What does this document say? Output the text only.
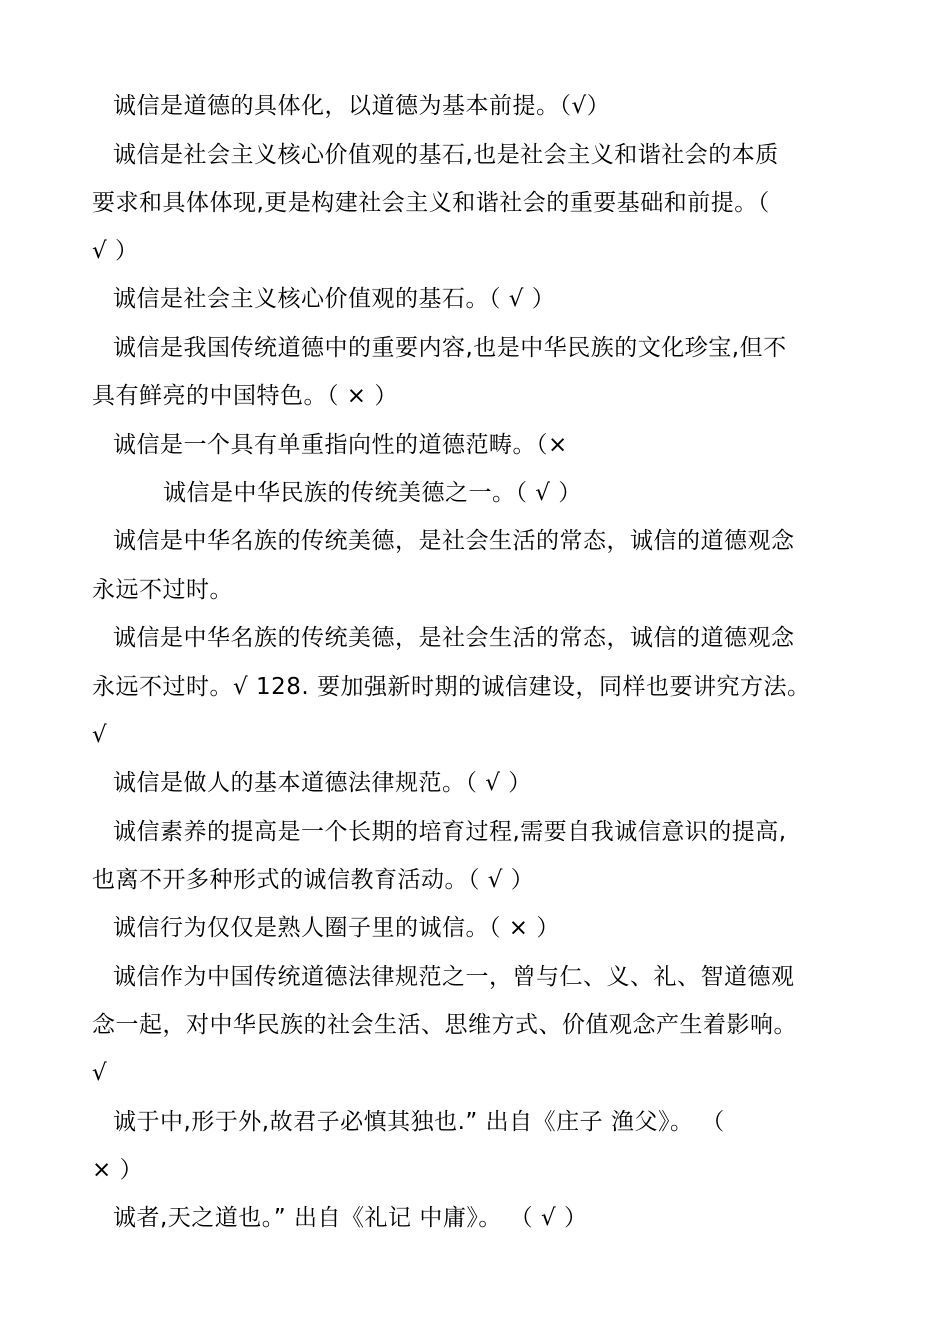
诚信是道德的具体化，以道德为基本前提。（√）
诚信是社会主义核心价值观的基石,也是社会主义和谐社会的本质
要求和具体体现,更是构建社会主义和谐社会的重要基础和前提。（
√ ）
诚信是社会主义核心价值观的基石。（ √ ）
诚信是我国传统道德中的重要内容,也是中华民族的文化珍宝,但不
具有鲜亮的中国特色。（ × ）
诚信是一个具有单重指向性的道德范畴。（×
诚信是中华民族的传统美德之一。（ √ ）
诚信是中华名族的传统美德，是社会生活的常态，诚信的道德观念
永远不过时。
诚信是中华名族的传统美德，是社会生活的常态，诚信的道德观念
永远不过时。√ 128. 要加强新时期的诚信建设，同样也要讲究方法。
√
诚信是做人的基本道德法律规范。（ √ ）
诚信素养的提高是一个长期的培育过程,需要自我诚信意识的提高,
也离不开多种形式的诚信教育活动。（ √ ）
诚信行为仅仅是熟人圈子里的诚信。（ × ）
诚信作为中国传统道德法律规范之一，曾与仁、义、礼、智道德观
念一起，对中华民族的社会生活、思维方式、价值观念产生着影响。
√
诚于中,形于外,故君子必慎其独也.” 出自《庄子 渔父》。 （
× ）
诚者,天之道也。” 出自《礼记 中庸》。 （ √ ）
